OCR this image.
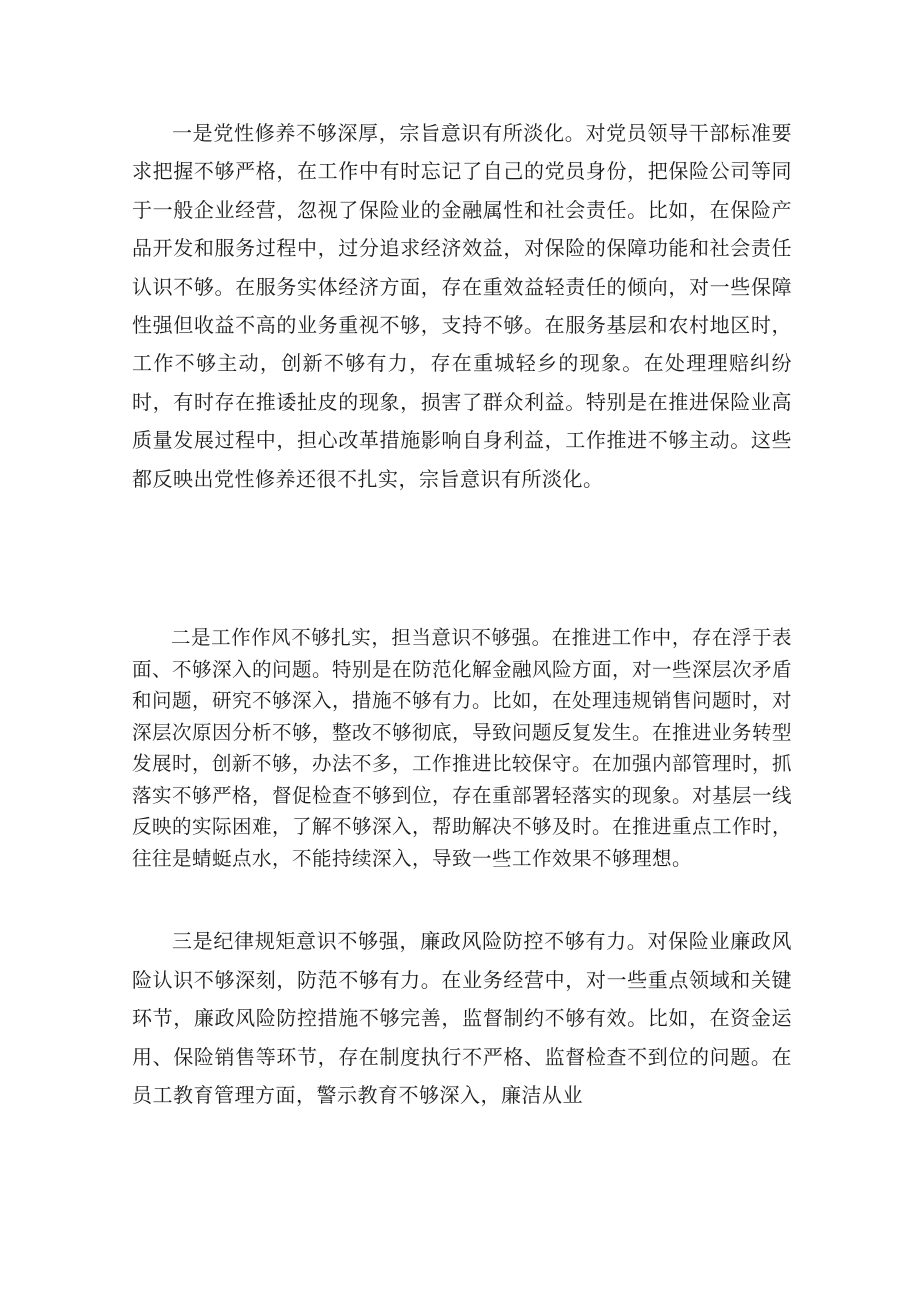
一是党性修养不够深厚，宗旨意识有所淡化。对党员领导干部标准要求把握不够严格，在工作中有时忘记了自己的党员身份，把保险公司等同于一般企业经营，忽视了保险业的金融属性和社会责任。比如，在保险产品开发和服务过程中，过分追求经济效益，对保险的保障功能和社会责任认识不够。在服务实体经济方面，存在重效益轻责任的倾向，对一些保障性强但收益不高的业务重视不够，支持不够。在服务基层和农村地区时，工作不够主动，创新不够有力，存在重城轻乡的现象。在处理理赔纠纷时，有时存在推诿扯皮的现象，损害了群众利益。特别是在推进保险业高质量发展过程中，担心改革措施影响自身利益，工作推进不够主动。这些都反映出党性修养还很不扎实，宗旨意识有所淡化。

二是工作作风不够扎实，担当意识不够强。在推进工作中，存在浮于表面、不够深入的问题。特别是在防范化解金融风险方面，对一些深层次矛盾和问题，研究不够深入，措施不够有力。比如，在处理违规销售问题时，对深层次原因分析不够，整改不够彻底，导致问题反复发生。在推进业务转型发展时，创新不够，办法不多，工作推进比较保守。在加强内部管理时，抓落实不够严格，督促检查不够到位，存在重部署轻落实的现象。对基层一线反映的实际困难，了解不够深入，帮助解决不够及时。在推进重点工作时，往往是蜻蜓点水，不能持续深入，导致一些工作效果不够理想。

三是纪律规矩意识不够强，廉政风险防控不够有力。对保险业廉政风险认识不够深刻，防范不够有力。在业务经营中，对一些重点领域和关键环节，廉政风险防控措施不够完善，监督制约不够有效。比如，在资金运用、保险销售等环节，存在制度执行不严格、监督检查不到位的问题。在员工教育管理方面，警示教育不够深入，廉洁从业
